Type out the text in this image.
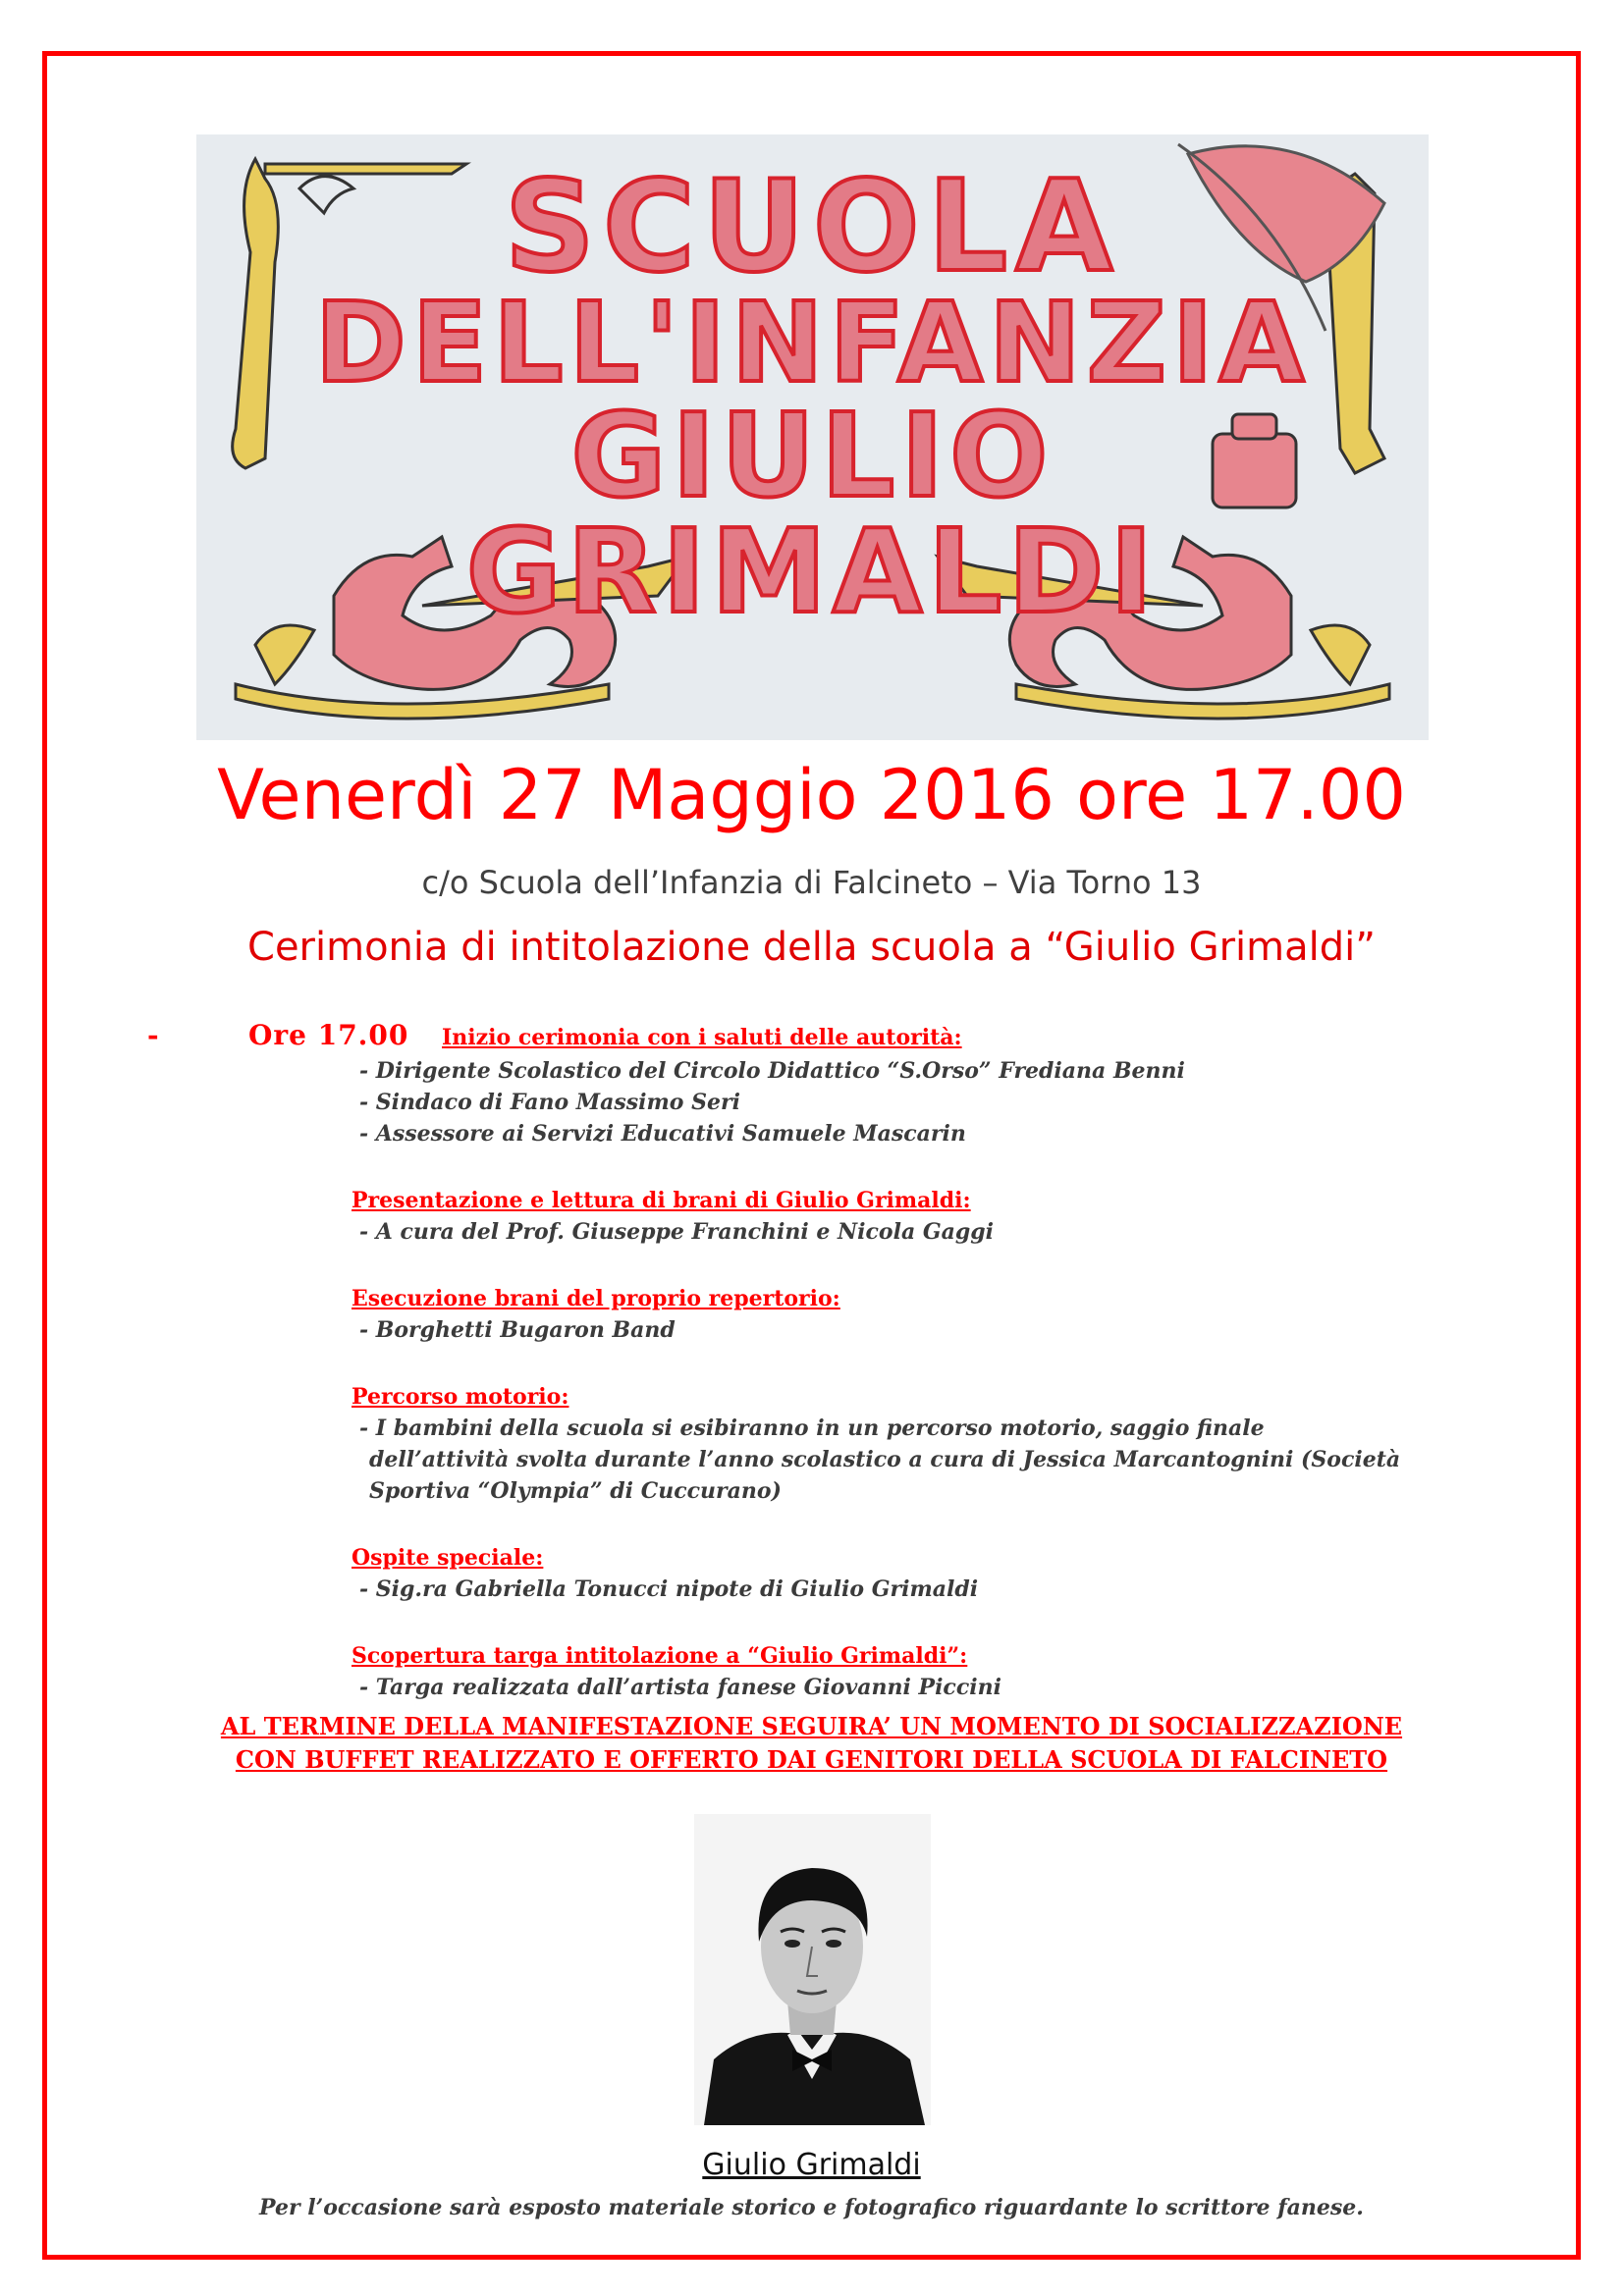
SCUOLA
DELL'INFANZIA
GIULIO
GRIMALDI
Venerdì 27 Maggio 2016 ore 17.00
c/o Scuola dell’Infanzia di Falcineto – Via Torno 13
Cerimonia di intitolazione della scuola a “Giulio Grimaldi”
-	Ore 17.00 Inizio cerimonia con i saluti delle autorità:
- Dirigente Scolastico del Circolo Didattico “S.Orso” Frediana Benni
- Sindaco di Fano Massimo Seri
- Assessore ai Servizi Educativi Samuele Mascarin
Presentazione e lettura di brani di Giulio Grimaldi:
- A cura del Prof. Giuseppe Franchini e Nicola Gaggi
Esecuzione brani del proprio repertorio:
- Borghetti Bugaron Band
Percorso motorio:
- I bambini della scuola si esibiranno in un percorso motorio, saggio finale dell’attività svolta durante l’anno scolastico a cura di Jessica Marcantognini (Società Sportiva “Olympia” di Cuccurano)
Ospite speciale:
- Sig.ra Gabriella Tonucci nipote di Giulio Grimaldi
Scopertura targa intitolazione a “Giulio Grimaldi”:
- Targa realizzata dall’artista fanese Giovanni Piccini
AL TERMINE DELLA MANIFESTAZIONE SEGUIRA’ UN MOMENTO DI SOCIALIZZAZIONE
CON BUFFET REALIZZATO E OFFERTO DAI GENITORI DELLA SCUOLA DI FALCINETO
Giulio Grimaldi
Per l’occasione sarà esposto materiale storico e fotografico riguardante lo scrittore fanese.
